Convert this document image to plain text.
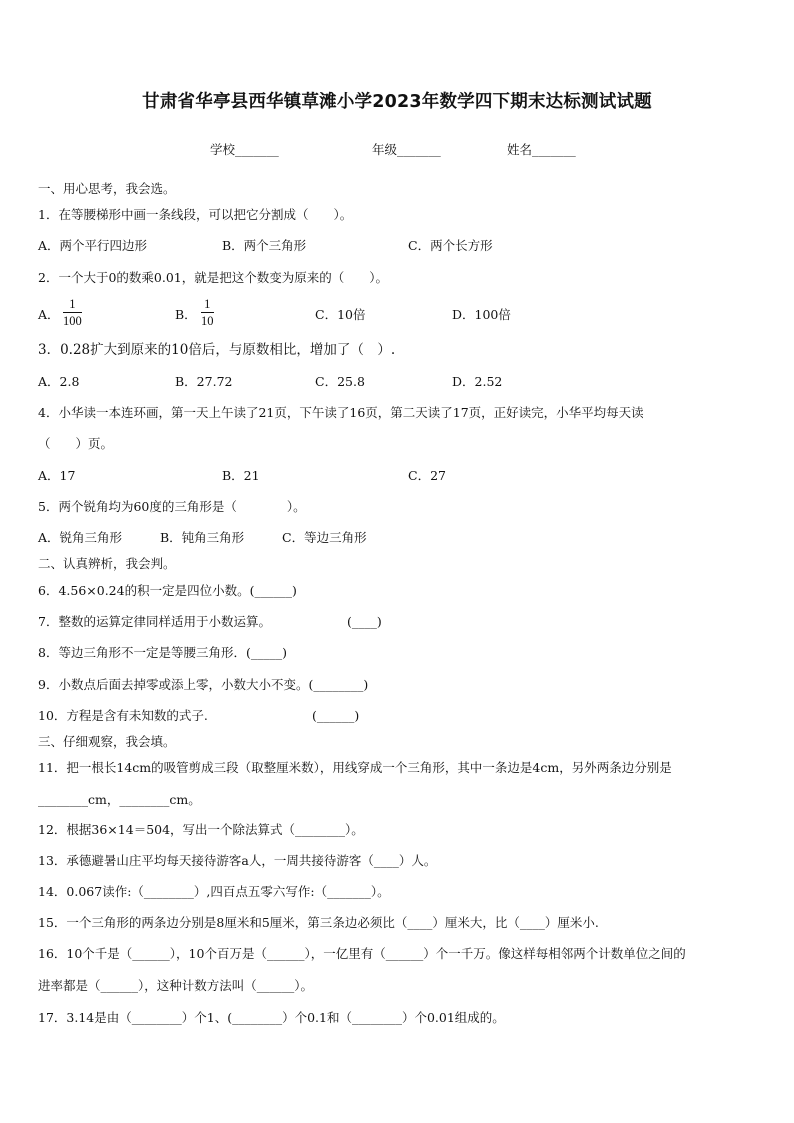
甘肃省华亭县西华镇草滩小学2023年数学四下期末达标测试试题
学校_______	年级_______	姓名_______
一、用心思考，我会选。
1．在等腰梯形中画一条线段，可以把它分割成（　　）。
A．两个平行四边形	B．两个三角形	C．两个长方形
2．一个大于0的数乘0.01，就是把这个数变为原来的（　　）。
A． $\frac{1}{100}$	B． $\frac{1}{10}$	C．10倍	D．100倍
3．0.28扩大到原来的10倍后，与原数相比，增加了（　）.
A．2.8	B．27.72	C．25.8	D．2.52
4．小华读一本连环画，第一天上午读了21页，下午读了16页，第二天读了17页，正好读完，小华平均每天读
（　　）页。
A．17	B．21	C．27
5．两个锐角均为60度的三角形是（　　　　）。
A．锐角三角形	B．钝角三角形	C．等边三角形
二、认真辨析，我会判。
6．4.56×0.24的积一定是四位小数。(______)
7．整数的运算定律同样适用于小数运算。	(____)
8．等边三角形不一定是等腰三角形．(_____)
9．小数点后面去掉零或添上零，小数大小不变。(________)
10．方程是含有未知数的式子.	(______)
三、仔细观察，我会填。
11．把一根长14cm的吸管剪成三段（取整厘米数），用线穿成一个三角形，其中一条边是4cm，另外两条边分别是
________cm，________cm。
12．根据36×14＝504，写出一个除法算式（________）。
13．承德避暑山庄平均每天接待游客a人，一周共接待游客（____）人。
14．0.067读作:（________）,四百点五零六写作:（_______）。
15．一个三角形的两条边分别是8厘米和5厘米，第三条边必须比（____）厘米大，比（____）厘米小.
16．10个千是（______），10个百万是（______），一亿里有（______）个一千万。像这样每相邻两个计数单位之间的
进率都是（______），这种计数方法叫（______）。
17．3.14是由（________）个1、(________）个0.1和（________）个0.01组成的。
